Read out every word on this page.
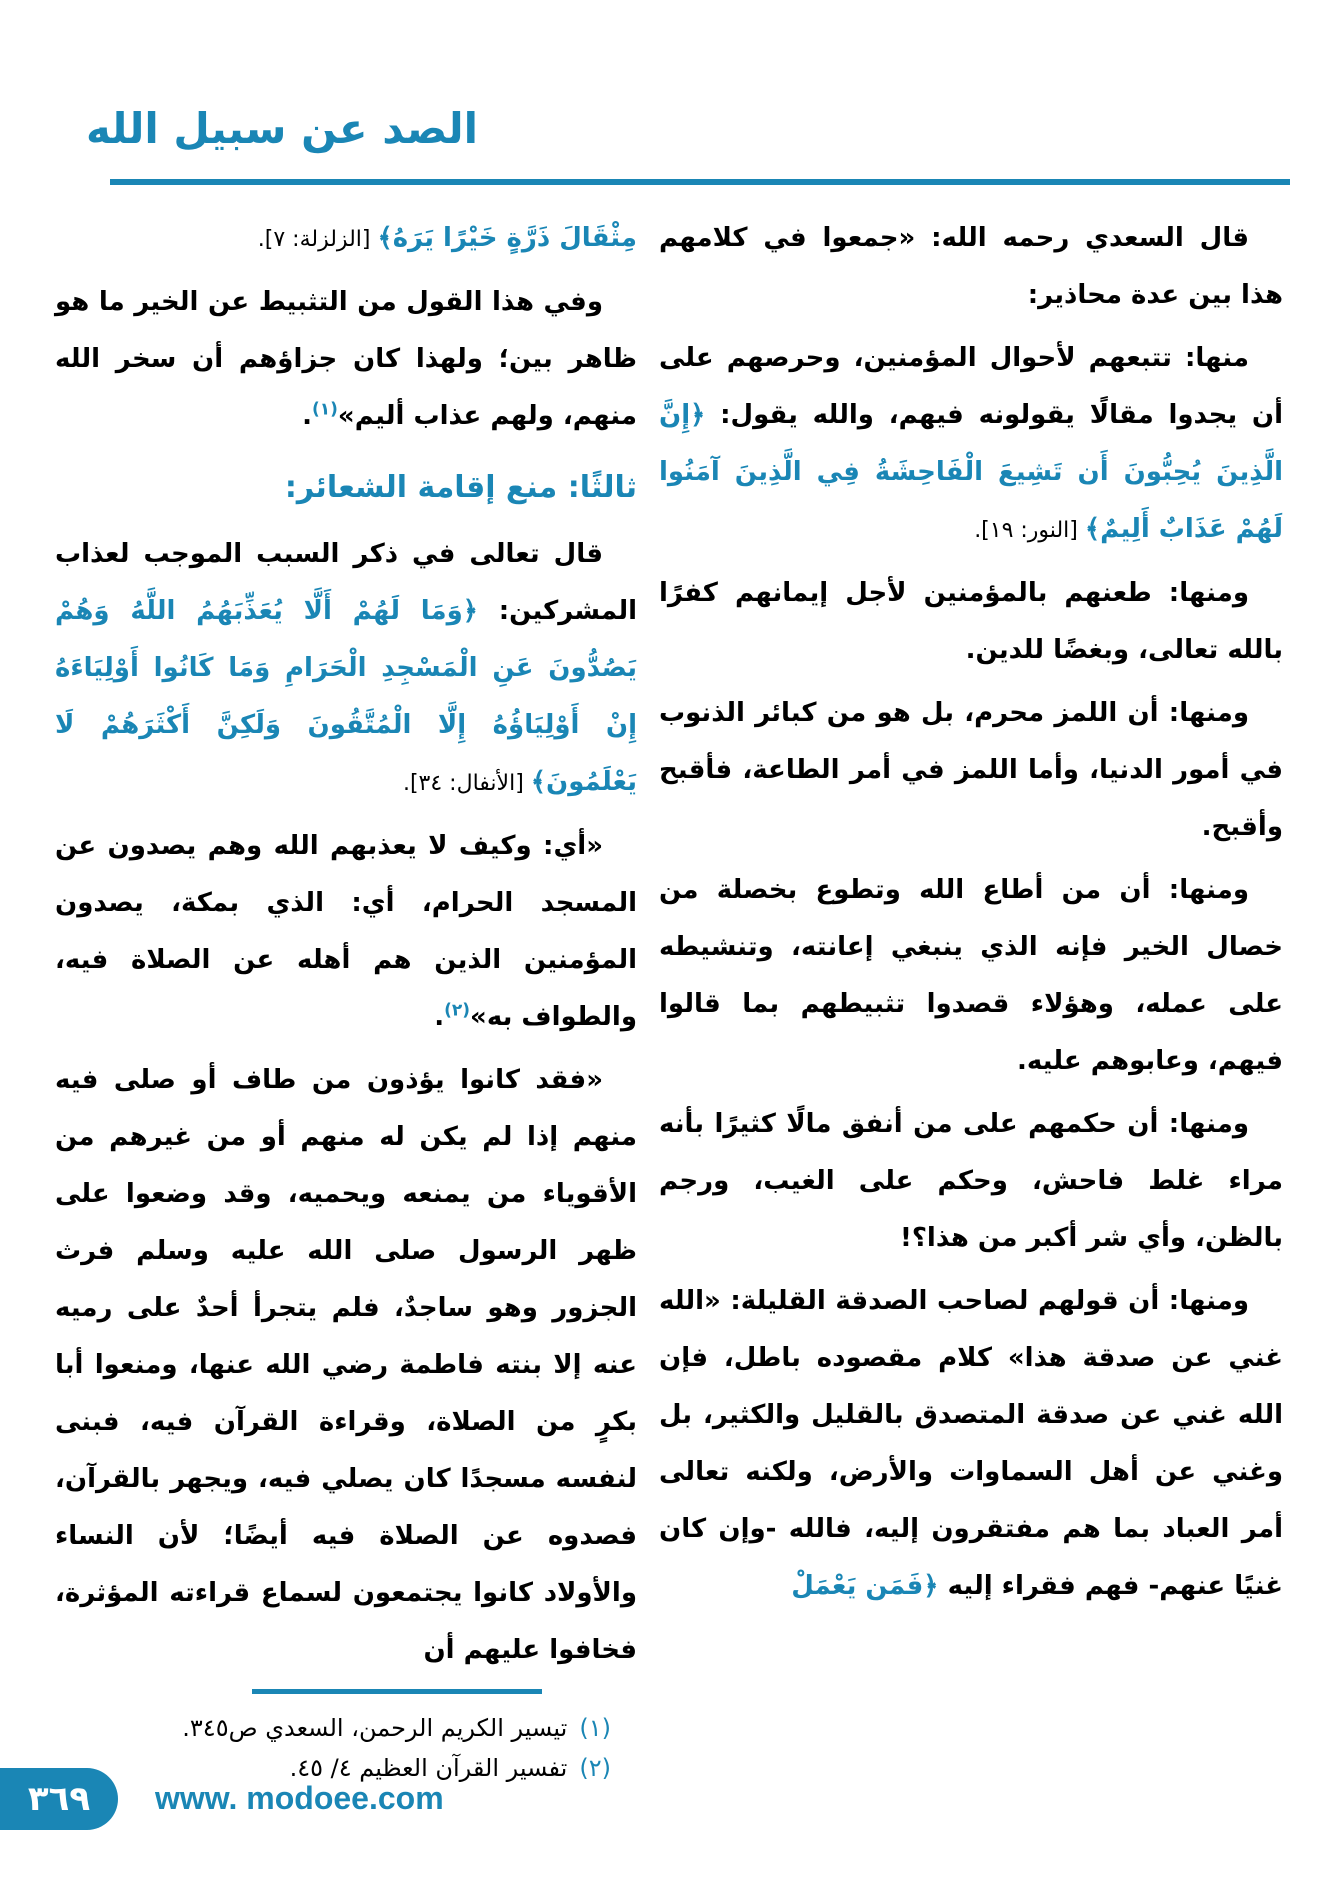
الصد عن سبيل الله

قال السعدي رحمه الله: «جمعوا في كلامهم هذا بين عدة محاذير:

منها: تتبعهم لأحوال المؤمنين، وحرصهم على أن يجدوا مقالًا يقولونه فيهم، والله يقول: ﴿إِنَّ الَّذِينَ يُحِبُّونَ أَن تَشِيعَ الْفَاحِشَةُ فِي الَّذِينَ آمَنُوا لَهُمْ عَذَابٌ أَلِيمٌ﴾ [النور: ١٩].

ومنها: طعنهم بالمؤمنين لأجل إيمانهم كفرًا بالله تعالى، وبغضًا للدين.

ومنها: أن اللمز محرم، بل هو من كبائر الذنوب في أمور الدنيا، وأما اللمز في أمر الطاعة، فأقبح وأقبح.

ومنها: أن من أطاع الله وتطوع بخصلة من خصال الخير فإنه الذي ينبغي إعانته، وتنشيطه على عمله، وهؤلاء قصدوا تثبيطهم بما قالوا فيهم، وعابوهم عليه.

ومنها: أن حكمهم على من أنفق مالًا كثيرًا بأنه مراء غلط فاحش، وحكم على الغيب، ورجم بالظن، وأي شر أكبر من هذا؟!

ومنها: أن قولهم لصاحب الصدقة القليلة: «الله غني عن صدقة هذا» كلام مقصوده باطل، فإن الله غني عن صدقة المتصدق بالقليل والكثير، بل وغني عن أهل السماوات والأرض، ولكنه تعالى أمر العباد بما هم مفتقرون إليه، فالله -وإن كان غنيًا عنهم- فهم فقراء إليه ﴿فَمَن يَعْمَلْ

مِثْقَالَ ذَرَّةٍ خَيْرًا يَرَهُ﴾ [الزلزلة: ٧].

وفي هذا القول من التثبيط عن الخير ما هو ظاهر بين؛ ولهذا كان جزاؤهم أن سخر الله منهم، ولهم عذاب أليم»$^{(١)}$.

ثالثًا: منع إقامة الشعائر:

قال تعالى في ذكر السبب الموجب لعذاب المشركين: ﴿وَمَا لَهُمْ أَلَّا يُعَذِّبَهُمُ اللَّهُ وَهُمْ يَصُدُّونَ عَنِ الْمَسْجِدِ الْحَرَامِ وَمَا كَانُوا أَوْلِيَاءَهُ إِنْ أَوْلِيَاؤُهُ إِلَّا الْمُتَّقُونَ وَلَكِنَّ أَكْثَرَهُمْ لَا يَعْلَمُونَ﴾ [الأنفال: ٣٤].

«أي: وكيف لا يعذبهم الله وهم يصدون عن المسجد الحرام، أي: الذي بمكة، يصدون المؤمنين الذين هم أهله عن الصلاة فيه، والطواف به»$^{(٢)}$.

«فقد كانوا يؤذون من طاف أو صلى فيه منهم إذا لم يكن له منهم أو من غيرهم من الأقوياء من يمنعه ويحميه، وقد وضعوا على ظهر الرسول صلى الله عليه وسلم فرث الجزور وهو ساجدٌ، فلم يتجرأ أحدٌ على رميه عنه إلا بنته فاطمة رضي الله عنها، ومنعوا أبا بكرٍ من الصلاة، وقراءة القرآن فيه، فبنى لنفسه مسجدًا كان يصلي فيه، ويجهر بالقرآن، فصدوه عن الصلاة فيه أيضًا؛ لأن النساء والأولاد كانوا يجتمعون لسماع قراءته المؤثرة، فخافوا عليهم أن

(١)
تيسير الكريم الرحمن، السعدي ص٣٤٥.
(٢)
تفسير القرآن العظيم ٤/ ٤٥.
٣٦٩	www. modoee.com
